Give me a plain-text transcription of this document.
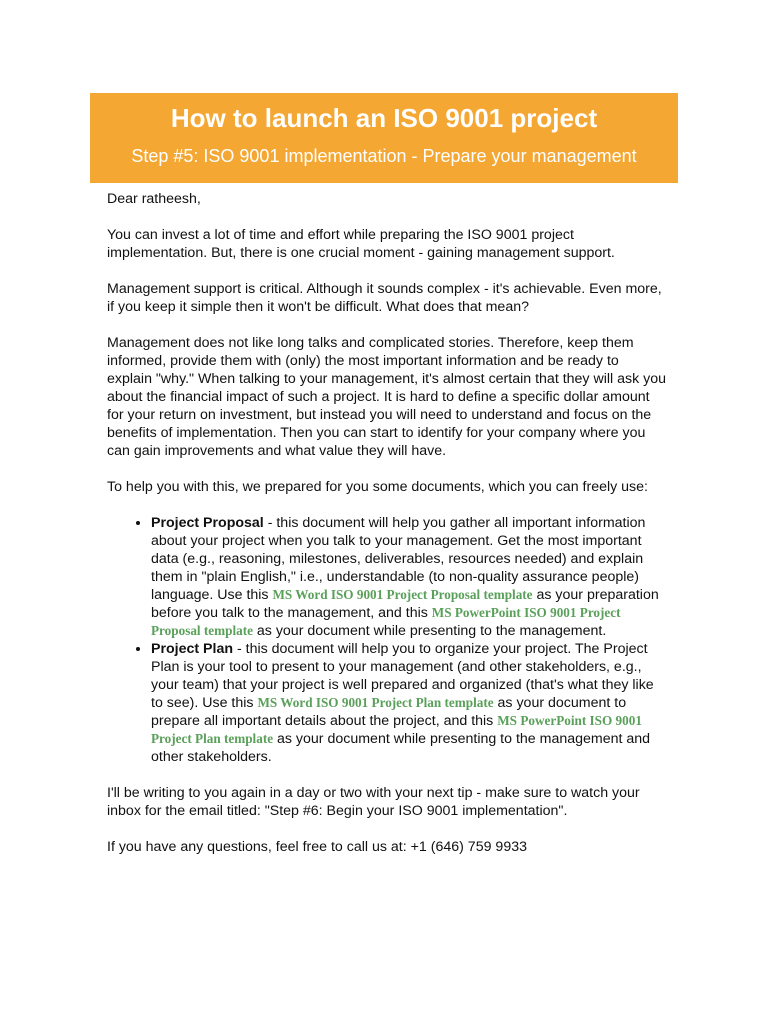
How to launch an ISO 9001 project

Step #5: ISO 9001 implementation - Prepare your management

Dear ratheesh,

You can invest a lot of time and effort while preparing the ISO 9001 project implementation. But, there is one crucial moment - gaining management support.

Management support is critical. Although it sounds complex - it's achievable. Even more, if you keep it simple then it won't be difficult. What does that mean?

Management does not like long talks and complicated stories. Therefore, keep them informed, provide them with (only) the most important information and be ready to explain "why." When talking to your management, it's almost certain that they will ask you about the financial impact of such a project. It is hard to define a specific dollar amount for your return on investment, but instead you will need to understand and focus on the benefits of implementation. Then you can start to identify for your company where you can gain improvements and what value they will have.

To help you with this, we prepared for you some documents, which you can freely use:

• Project Proposal - this document will help you gather all important information about your project when you talk to your management. Get the most important data (e.g., reasoning, milestones, deliverables, resources needed) and explain them in "plain English," i.e., understandable (to non-quality assurance people) language. Use this MS Word ISO 9001 Project Proposal template as your preparation before you talk to the management, and this MS PowerPoint ISO 9001 Project Proposal template as your document while presenting to the management.
• Project Plan - this document will help you to organize your project. The Project Plan is your tool to present to your management (and other stakeholders, e.g., your team) that your project is well prepared and organized (that's what they like to see). Use this MS Word ISO 9001 Project Plan template as your document to prepare all important details about the project, and this MS PowerPoint ISO 9001 Project Plan template as your document while presenting to the management and other stakeholders.

I'll be writing to you again in a day or two with your next tip - make sure to watch your inbox for the email titled: "Step #6: Begin your ISO 9001 implementation".

If you have any questions, feel free to call us at: +1 (646) 759 9933
